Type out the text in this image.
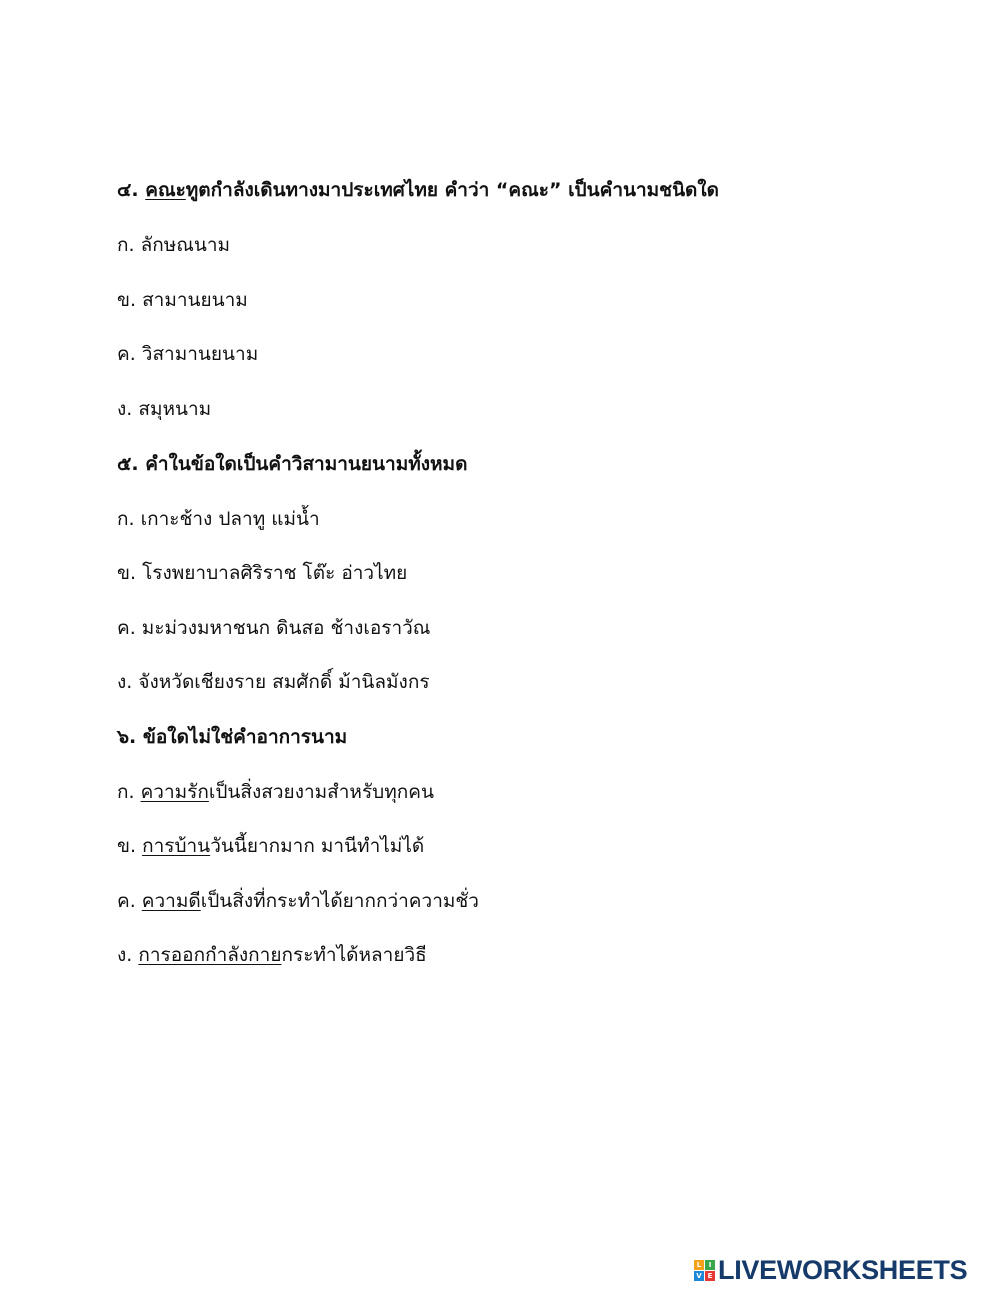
๔. คณะทูตกำลังเดินทางมาประเทศไทย คำว่า “คณะ” เป็นคำนามชนิดใด
ก. ลักษณนาม
ข. สามานยนาม
ค. วิสามานยนาม
ง. สมุหนาม
๕. คำในข้อใดเป็นคำวิสามานยนามทั้งหมด
ก. เกาะช้าง ปลาทู แม่น้ำ
ข. โรงพยาบาลศิริราช โต๊ะ อ่าวไทย
ค. มะม่วงมหาชนก ดินสอ ช้างเอราวัณ
ง. จังหวัดเชียงราย สมศักดิ์ ม้านิลมังกร
๖. ข้อใดไม่ใช่คำอาการนาม
ก. ความรักเป็นสิ่งสวยงามสำหรับทุกคน
ข. การบ้านวันนี้ยากมาก มานีทำไม่ได้
ค. ความดีเป็นสิ่งที่กระทำได้ยากกว่าความชั่ว
ง. การออกกำลังกายกระทำได้หลายวิธี
L	I
V E LIVEWORKSHEETS
